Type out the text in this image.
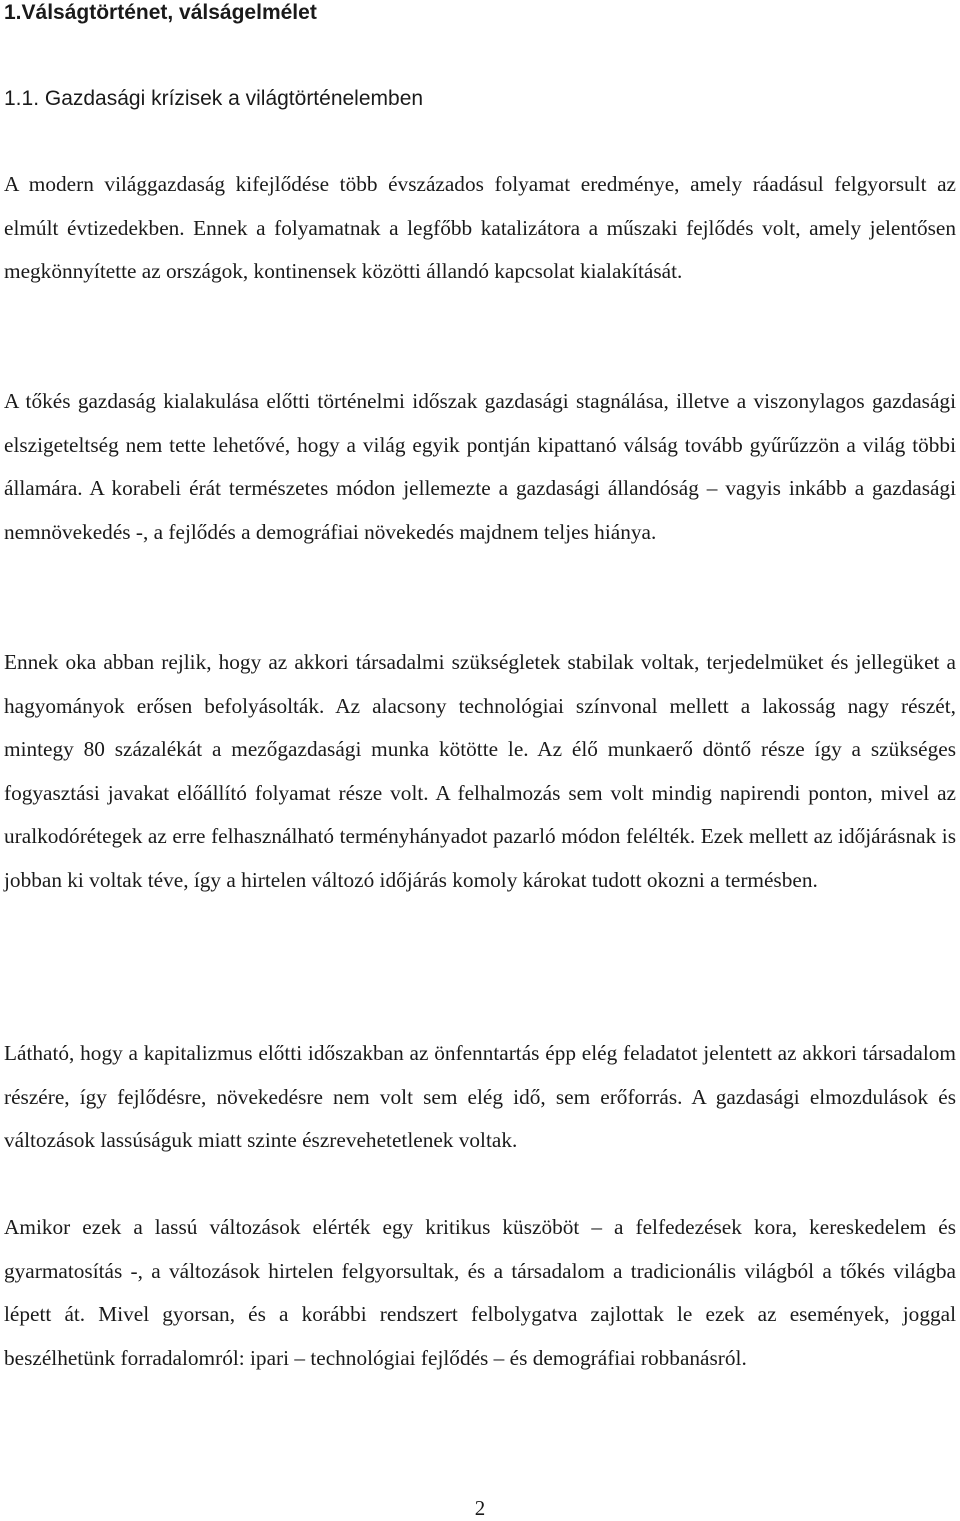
1.Válságtörténet, válságelmélet
1.1. Gazdasági krízisek a világtörténelemben

A modern világgazdaság kifejlődése több évszázados folyamat eredménye, amely ráadásul felgyorsult az elmúlt évtizedekben. Ennek a folyamatnak a legfőbb katalizátora a műszaki fejlődés volt, amely jelentősen megkönnyítette az országok, kontinensek közötti állandó kapcsolat kialakítását.

A tőkés gazdaság kialakulása előtti történelmi időszak gazdasági stagnálása, illetve a viszonylagos gazdasági elszigeteltség nem tette lehetővé, hogy a világ egyik pontján kipattanó válság tovább gyűrűzzön a világ többi államára. A korabeli érát természetes módon jellemezte a gazdasági állandóság – vagyis inkább a gazdasági nemnövekedés -, a fejlődés a demográfiai növekedés majdnem teljes hiánya.

Ennek oka abban rejlik, hogy az akkori társadalmi szükségletek stabilak voltak, terjedelmüket és jellegüket a hagyományok erősen befolyásolták. Az alacsony technológiai színvonal mellett a lakosság nagy részét, mintegy 80 százalékát a mezőgazdasági munka kötötte le. Az élő munkaerő döntő része így a szükséges fogyasztási javakat előállító folyamat része volt. A felhalmozás sem volt mindig napirendi ponton, mivel az uralkodórétegek az erre felhasználható terményhányadot pazarló módon felélték. Ezek mellett az időjárásnak is jobban ki voltak téve, így a hirtelen változó időjárás komoly károkat tudott okozni a termésben.

Látható, hogy a kapitalizmus előtti időszakban az önfenntartás épp elég feladatot jelentett az akkori társadalom részére, így fejlődésre, növekedésre nem volt sem elég idő, sem erőforrás. A gazdasági elmozdulások és változások lassúságuk miatt szinte észrevehetetlenek voltak.

Amikor ezek a lassú változások elérték egy kritikus küszöböt – a felfedezések kora, kereskedelem és gyarmatosítás -, a változások hirtelen felgyorsultak, és a társadalom a tradicionális világból a tőkés világba lépett át. Mivel gyorsan, és a korábbi rendszert felbolygatva zajlottak le ezek az események, joggal beszélhetünk forradalomról: ipari – technológiai fejlődés – és demográfiai robbanásról.

2
